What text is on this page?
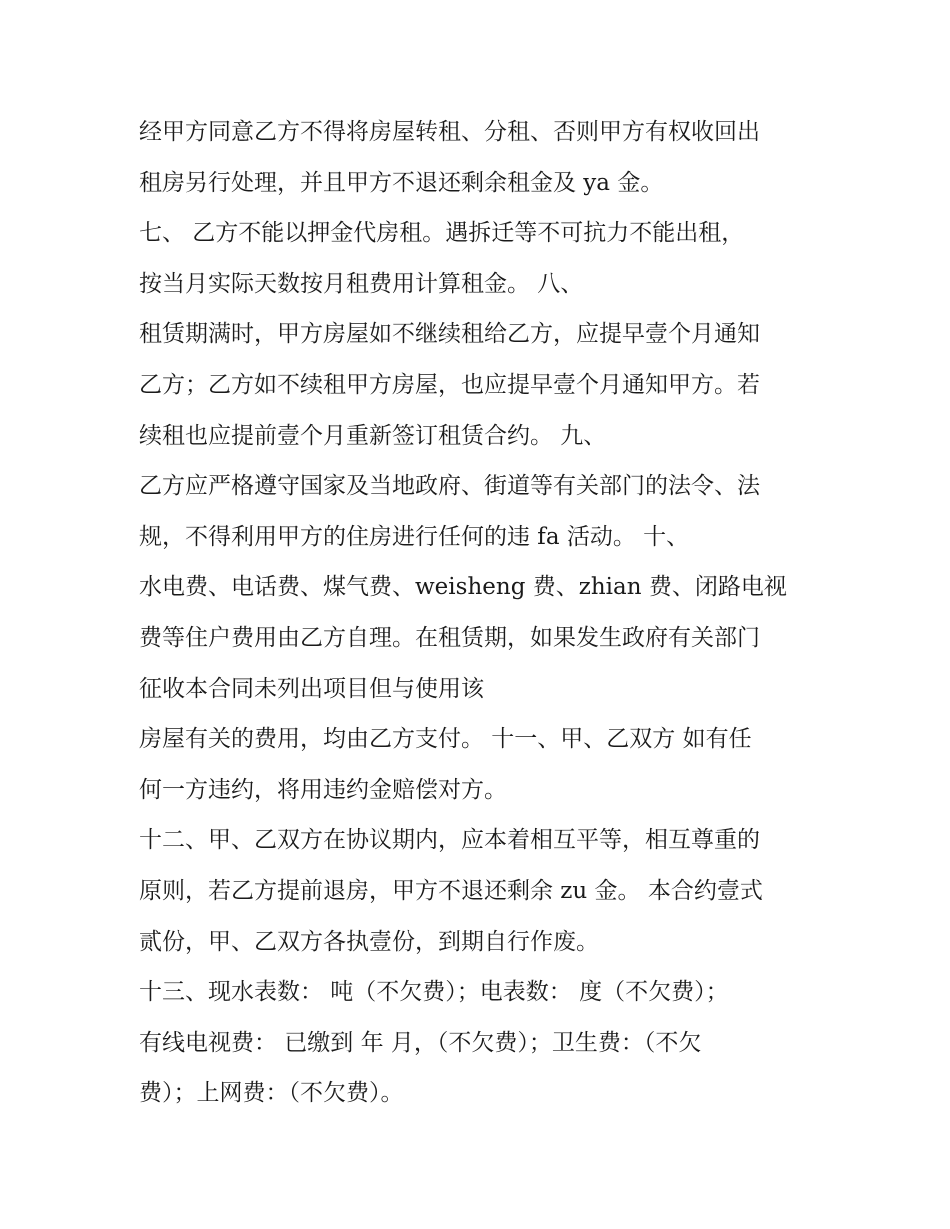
经甲方同意乙方不得将房屋转租、分租、否则甲方有权收回出
租房另行处理，并且甲方不退还剩余租金及 ya 金。
七、 乙方不能以押金代房租。遇拆迁等不可抗力不能出租，
按当月实际天数按月租费用计算租金。 八、
租赁期满时，甲方房屋如不继续租给乙方，应提早壹个月通知
乙方；乙方如不续租甲方房屋，也应提早壹个月通知甲方。若
续租也应提前壹个月重新签订租赁合约。 九、
乙方应严格遵守国家及当地政府、街道等有关部门的法令、法
规，不得利用甲方的住房进行任何的违 fa 活动。 十、
水电费、电话费、煤气费、weisheng 费、zhian 费、闭路电视
费等住户费用由乙方自理。在租赁期，如果发生政府有关部门
征收本合同未列出项目但与使用该
房屋有关的费用，均由乙方支付。 十一、甲、乙双方 如有任
何一方违约，将用违约金赔偿对方。
十二、甲、乙双方在协议期内，应本着相互平等，相互尊重的
原则，若乙方提前退房，甲方不退还剩余 zu 金。 本合约壹式
贰份，甲、乙双方各执壹份，到期自行作废。
十三、现水表数： 吨（不欠费）；电表数： 度（不欠费）；
有线电视费： 已缴到 年 月，（不欠费）；卫生费：（不欠
费）；上网费：（不欠费）。
